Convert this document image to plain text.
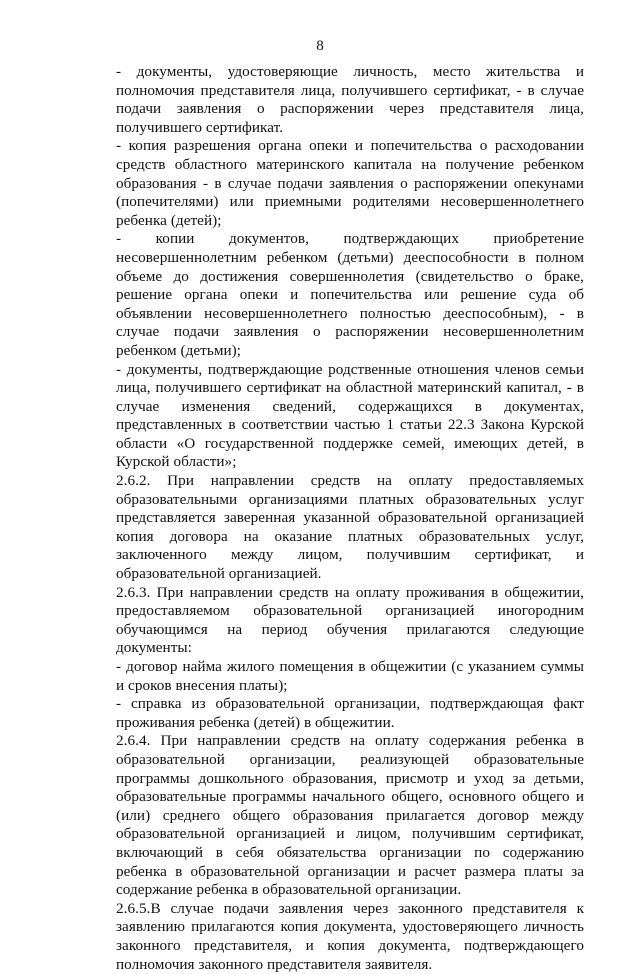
8

- документы, удостоверяющие личность, место жительства и полномочия представителя лица, получившего сертификат, - в случае подачи заявления о распоряжении через представителя лица, получившего сертификат.

- копия разрешения органа опеки и попечительства о расходовании средств областного материнского капитала на получение ребенком образования - в случае подачи заявления о распоряжении опекунами (попечителями) или приемными родителями несовершеннолетнего ребенка (детей);

- копии документов, подтверждающих приобретение несовершеннолетним ребенком (детьми) дееспособности в полном объеме до достижения совершеннолетия (свидетельство о браке, решение органа опеки и попечительства или решение суда об объявлении несовершеннолетнего полностью дееспособным), - в случае подачи заявления о распоряжении несовершеннолетним ребенком (детьми);

- документы, подтверждающие родственные отношения членов семьи лица, получившего сертификат на областной материнский капитал, - в случае изменения сведений, содержащихся в документах, представленных в соответствии частью 1 статьи 22.3 Закона Курской области «О государственной поддержке семей, имеющих детей, в Курской области»;

2.6.2. При направлении средств на оплату предоставляемых образовательными организациями платных образовательных услуг представляется заверенная указанной образовательной организацией копия договора на оказание платных образовательных услуг, заключенного между лицом, получившим сертификат, и образовательной организацией.

2.6.3. При направлении средств на оплату проживания в общежитии, предоставляемом образовательной организацией иногородним обучающимся на период обучения прилагаются следующие документы:

- договор найма жилого помещения в общежитии (с указанием суммы и сроков внесения платы);

- справка из образовательной организации, подтверждающая факт проживания ребенка (детей) в общежитии.

2.6.4. При направлении средств на оплату содержания ребенка в образовательной организации, реализующей образовательные программы дошкольного образования, присмотр и уход за детьми, образовательные программы начального общего, основного общего и (или) среднего общего образования прилагается договор между образовательной организацией и лицом, получившим сертификат, включающий в себя обязательства организации по содержанию ребенка в образовательной организации и расчет размера платы за содержание ребенка в образовательной организации.

2.6.5.В случае подачи заявления через законного представителя к заявлению прилагаются копия документа, удостоверяющего личность законного представителя, и копия документа, подтверждающего полномочия законного представителя заявителя.
